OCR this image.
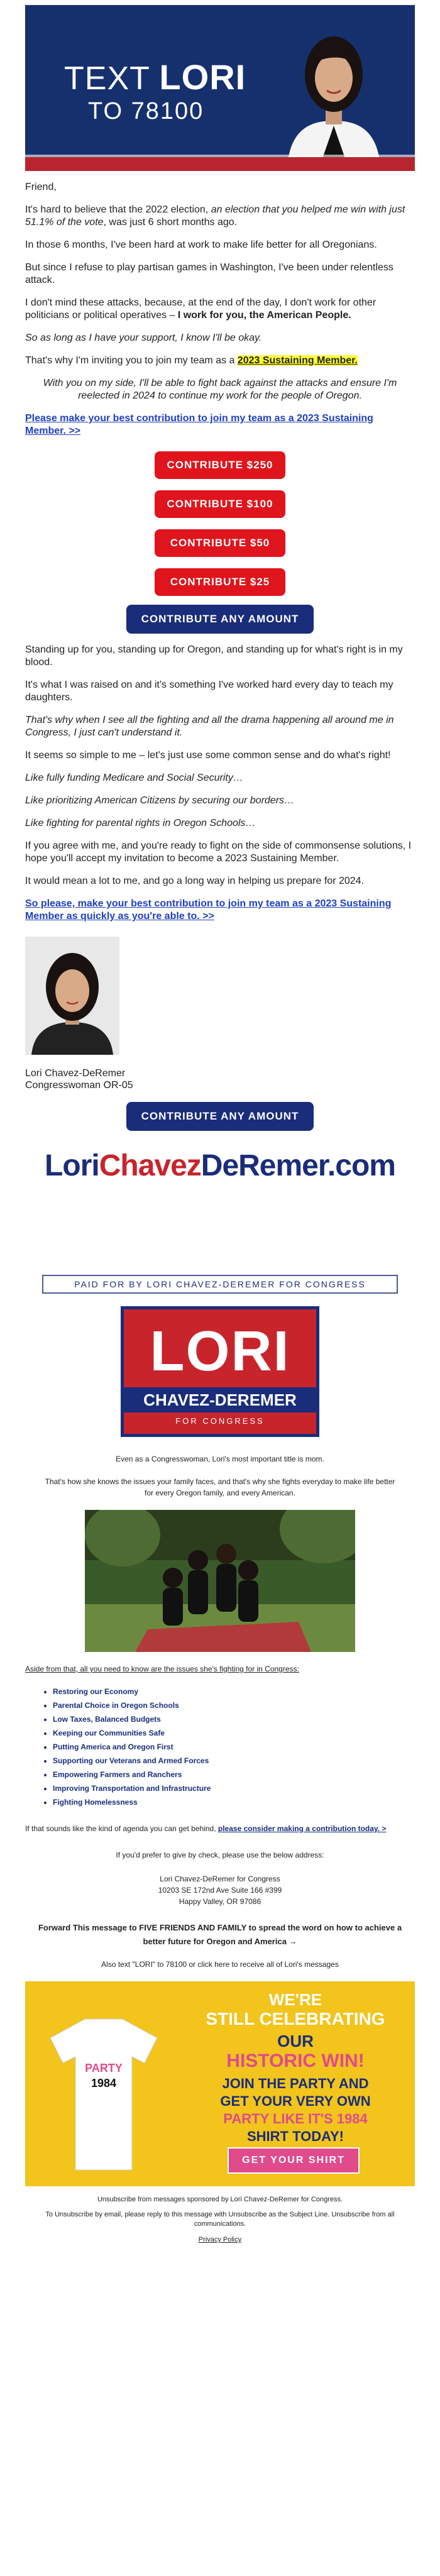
TEXT LORI
TO 78100

Friend,

It's hard to believe that the 2022 election, an election that you helped me win with just 51.1% of the vote, was just 6 short months ago.

In those 6 months, I've been hard at work to make life better for all Oregonians.

But since I refuse to play partisan games in Washington, I've been under relentless attack.

I don't mind these attacks, because, at the end of the day, I don't work for other politicians or political operatives – I work for you, the American People.

So as long as I have your support, I know I'll be okay.

That's why I'm inviting you to join my team as a 2023 Sustaining Member.

With you on my side, I'll be able to fight back against the attacks and ensure I'm reelected in 2024 to continue my work for the people of Oregon.

Please make your best contribution to join my team as a 2023 Sustaining Member. >>
CONTRIBUTE $250
CONTRIBUTE $100
CONTRIBUTE $50
CONTRIBUTE $25
CONTRIBUTE ANY AMOUNT

Standing up for you, standing up for Oregon, and standing up for what's right is in my blood.

It's what I was raised on and it's something I've worked hard every day to teach my daughters.

That's why when I see all the fighting and all the drama happening all around me in Congress, I just can't understand it.

It seems so simple to me – let's just use some common sense and do what's right!

Like fully funding Medicare and Social Security…

Like prioritizing American Citizens by securing our borders…

Like fighting for parental rights in Oregon Schools…

If you agree with me, and you're ready to fight on the side of commonsense solutions, I hope you'll accept my invitation to become a 2023 Sustaining Member.

It would mean a lot to me, and go a long way in helping us prepare for 2024.

So please, make your best contribution to join my team as a 2023 Sustaining Member as quickly as you're able to. >>
Lori Chavez-DeRemer
Congresswoman OR-05
CONTRIBUTE ANY AMOUNT
LoriChavezDeRemer.com
PAID FOR BY LORI CHAVEZ-DEREMER FOR CONGRESS
LORI
CHAVEZ-DEREMER
FOR CONGRESS
Even as a Congresswoman, Lori's most important title is mom.
That's how she knows the issues your family faces, and that's why she fights everyday to make life better for every Oregon family, and every American.
Aside from that, all you need to know are the issues she's fighting for in Congress:
• Restoring our Economy
• Parental Choice in Oregon Schools
• Low Taxes, Balanced Budgets
• Keeping our Communities Safe
• Putting America and Oregon First
• Supporting our Veterans and Armed Forces
• Empowering Farmers and Ranchers
• Improving Transportation and Infrastructure
• Fighting Homelessness
If that sounds like the kind of agenda you can get behind, please consider making a contribution today. >
If you'd prefer to give by check, please use the below address:
Lori Chavez-DeRemer for Congress
10203 SE 172nd Ave Suite 166 #399
Happy Valley, OR 97086
Forward This message to FIVE FRIENDS AND FAMILY to spread the word on how to achieve a better future for Oregon and America →
Also text "LORI" to 78100 or click here to receive all of Lori's messages
PARTY
1984
WE'RE
STILL CELEBRATING
OUR
HISTORIC WIN!
JOIN THE PARTY AND
GET YOUR VERY OWN
PARTY LIKE IT'S 1984
SHIRT TODAY!
GET YOUR SHIRT
Unsubscribe from messages sponsored by Lori Chavez-DeRemer for Congress.
To Unsubscribe by email, please reply to this message with Unsubscribe as the Subject Line. Unsubscribe from all communications.
Privacy Policy
